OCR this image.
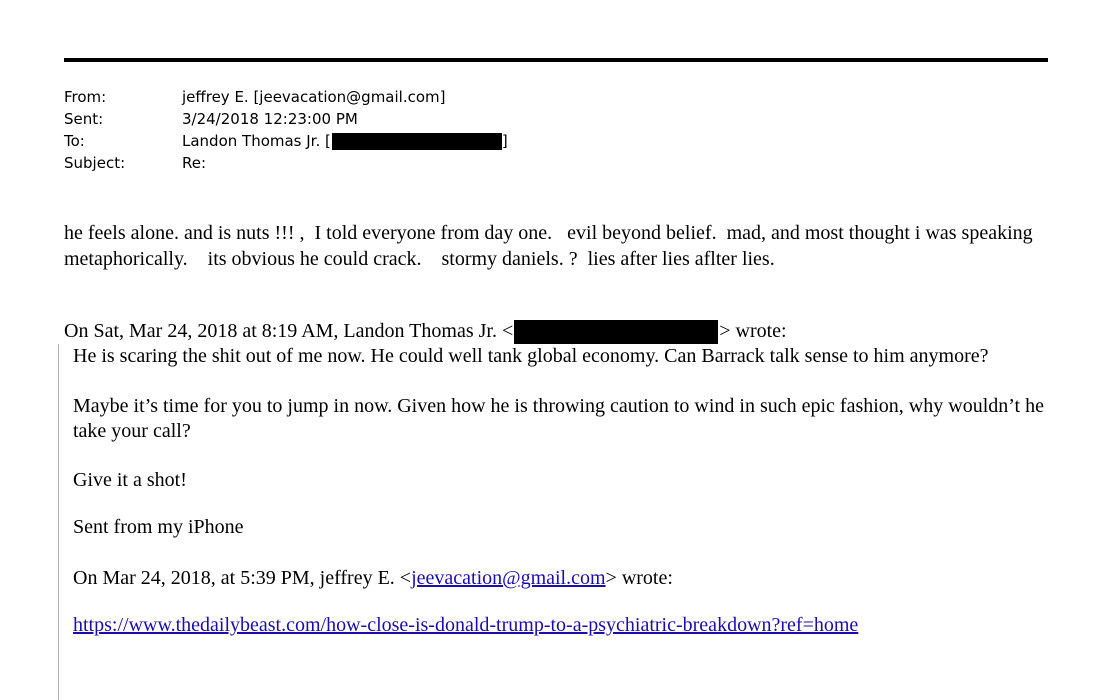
From:	jeffrey E. [jeevacation@gmail.com]
Sent:	3/24/2018 12:23:00 PM
To:	Landon Thomas Jr. [	]
Subject:	Re:

he feels alone. and is nuts !!! ,  I told everyone from day one.   evil beyond belief.  mad, and most thought i was speaking metaphorically.    its obvious he could crack.    stormy daniels. ?  lies after lies aflter lies.

On Sat, Mar 24, 2018 at 8:19 AM, Landon Thomas Jr. <	> wrote:

He is scaring the shit out of me now. He could well tank global economy. Can Barrack talk sense to him anymore?

Maybe it’s time for you to jump in now. Given how he is throwing caution to wind in such epic fashion, why wouldn’t he take your call?

Give it a shot!

Sent from my iPhone

On Mar 24, 2018, at 5:39 PM, jeffrey E. <jeevacation@gmail.com> wrote:

https://www.thedailybeast.com/how-close-is-donald-trump-to-a-psychiatric-breakdown?ref=home
